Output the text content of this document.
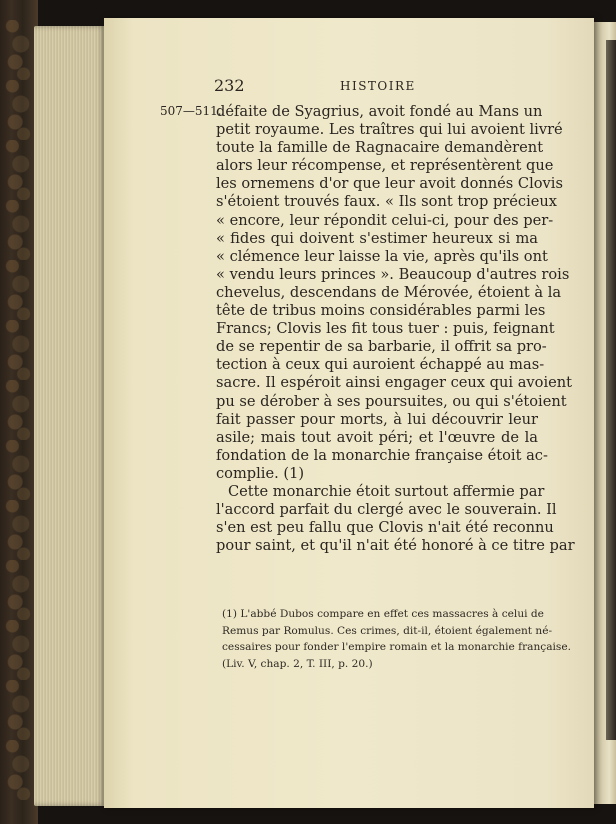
232	HISTOIRE
507—511.
défaite de Syagrius, avoit fondé au Mans un
petit royaume. Les traîtres qui lui avoient livré
toute la famille de Ragnacaire demandèrent
alors leur récompense, et représentèrent que
les ornemens d'or que leur avoit donnés Clovis
s'étoient trouvés faux. « Ils sont trop précieux
« encore, leur répondit celui-ci, pour des per-
« fides qui doivent s'estimer heureux si ma
« clémence leur laisse la vie, après qu'ils ont
« vendu leurs princes ». Beaucoup d'autres rois
chevelus, descendans de Mérovée, étoient à la
tête de tribus moins considérables parmi les
Francs; Clovis les fit tous tuer : puis, feignant
de se repentir de sa barbarie, il offrit sa pro-
tection à ceux qui auroient échappé au mas-
sacre. Il espéroit ainsi engager ceux qui avoient
pu se dérober à ses poursuites, ou qui s'étoient
fait passer pour morts, à lui découvrir leur
asile; mais tout avoit péri; et l'œuvre de la
fondation de la monarchie française étoit ac-
complie. (1)
Cette monarchie étoit surtout affermie par
l'accord parfait du clergé avec le souverain. Il
s'en est peu fallu que Clovis n'ait été reconnu
pour saint, et qu'il n'ait été honoré à ce titre par
(1) L'abbé Dubos compare en effet ces massacres à celui de
Remus par Romulus. Ces crimes, dit-il, étoient également né-
cessaires pour fonder l'empire romain et la monarchie française.
(Liv. V, chap. 2, T. III, p. 20.)
